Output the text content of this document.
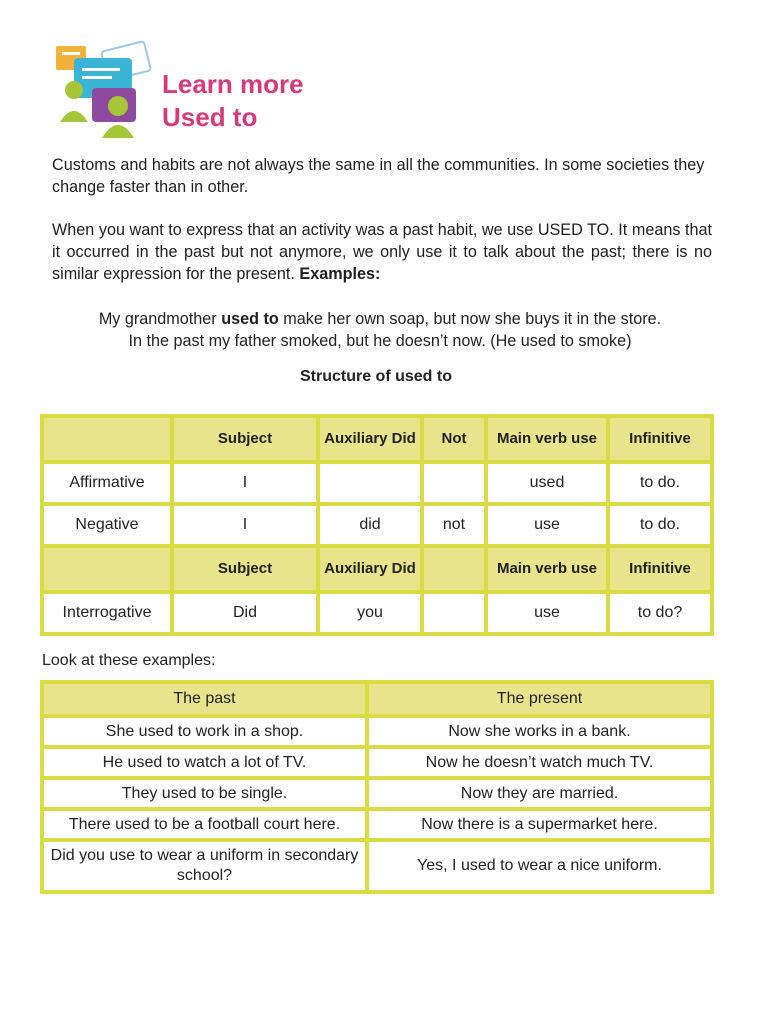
Learn more
Used to
Customs and habits are not always the same in all the communities. In some societies they change faster than in other.
When you want to express that an activity was a past habit, we use USED TO. It means that it occurred in the past but not anymore, we only use it to talk about the past; there is no similar expression for the present. Examples:
My grandmother used to make her own soap, but now she buys it in the store.
In the past my father smoked, but he doesn’t now. (He used to smoke)
Structure of used to
	Subject	Auxiliary Did	Not	Main verb use	Infinitive
Affirmative	I			used	to do.
Negative	I	did	not	use	to do.
	Subject	Auxiliary Did		Main verb use	Infinitive
Interrogative	Did	you		use	to do?
Look at these examples:
The past	The present
She used to work in a shop.	Now she works in a bank.
He used to watch a lot of TV.	Now he doesn’t watch much TV.
They used to be single.	Now they are married.
There used to be a football court here.	Now there is a supermarket here.
Did you use to wear a uniform in secondary school?	Yes, I used to wear a nice uniform.
